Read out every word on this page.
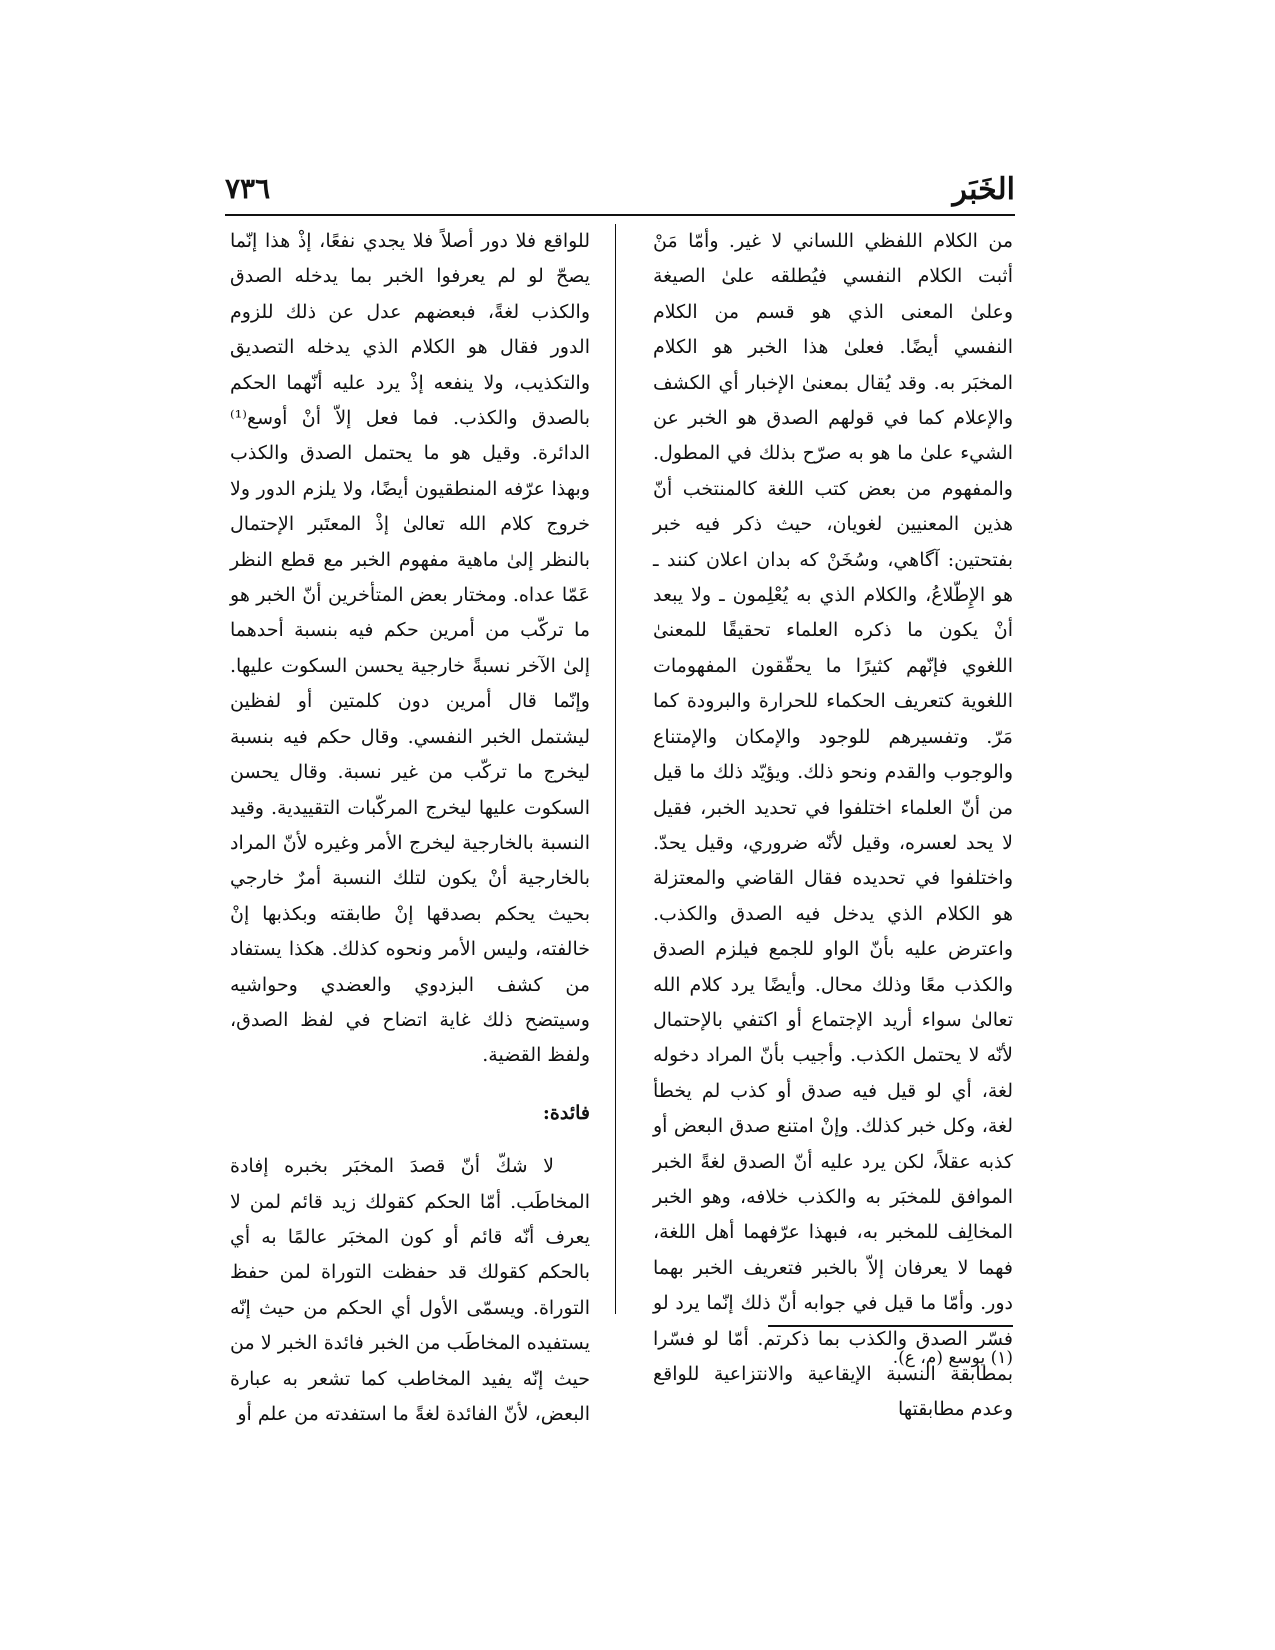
الخَبَر
٧٣٦

من الكلام اللفظي اللساني لا غير. وأمّا مَنْ أثبت الكلام النفسي فيُطلقه علىٰ الصيغة وعلىٰ المعنى الذي هو قسم من الكلام النفسي أيضًا. فعلىٰ هذا الخبر هو الكلام المخبَر به. وقد يُقال بمعنىٰ الإخبار أي الكشف والإعلام كما في قولهم الصدق هو الخبر عن الشيء علىٰ ما هو به صرّح بذلك في المطول. والمفهوم من بعض كتب اللغة كالمنتخب أنّ هذين المعنيين لغويان، حيث ذكر فيه خبر بفتحتين: آگاهي، وسُخَنْ كه بدان اعلان كنند ـ هو الإِطّلاعُ، والكلام الذي به يُعْلِمون ـ ولا يبعد أنْ يكون ما ذكره العلماء تحقيقًا للمعنىٰ اللغوي فإنّهم كثيرًا ما يحقّقون المفهومات اللغوية كتعريف الحكماء للحرارة والبرودة كما مَرّ. وتفسيرهم للوجود والإمكان والإمتناع والوجوب والقدم ونحو ذلك. ويؤيّد ذلك ما قيل من أنّ العلماء اختلفوا في تحديد الخبر، فقيل لا يحد لعسره، وقيل لأنّه ضروري، وقيل يحدّ. واختلفوا في تحديده فقال القاضي والمعتزلة هو الكلام الذي يدخل فيه الصدق والكذب. واعترض عليه بأنّ الواو للجمع فيلزم الصدق والكذب معًا وذلك محال. وأيضًا يرد كلام الله تعالىٰ سواء أريد الإجتماع أو اكتفي بالإحتمال لأنّه لا يحتمل الكذب. وأجيب بأنّ المراد دخوله لغة، أي لو قيل فيه صدق أو كذب لم يخطأ لغة، وكل خبر كذلك. وإنْ امتنع صدق البعض أو كذبه عقلاً، لكن يرد عليه أنّ الصدق لغةً الخبر الموافق للمخبَر به والكذب خلافه، وهو الخبر المخالِف للمخبر به، فبهذا عرّفهما أهل اللغة، فهما لا يعرفان إلاّ بالخبر فتعريف الخبر بهما دور. وأمّا ما قيل في جوابه أنّ ذلك إنّما يرد لو فسّر الصدق والكذب بما ذكرتم. أمّا لو فسّرا بمطابقة النسبة الإيقاعية والانتزاعية للواقع وعدم مطابقتها

للواقع فلا دور أصلاً فلا يجدي نفعًا، إذْ هذا إنّما يصحّ لو لم يعرفوا الخبر بما يدخله الصدق والكذب لغةً، فبعضهم عدل عن ذلك للزوم الدور فقال هو الكلام الذي يدخله التصديق والتكذيب، ولا ينفعه إذْ يرد عليه أنّهما الحكم بالصدق والكذب. فما فعل إلاّ أنْ أوسع⁽¹⁾ الدائرة. وقيل هو ما يحتمل الصدق والكذب وبهذا عرّفه المنطقيون أيضًا، ولا يلزم الدور ولا خروج كلام الله تعالىٰ إذْ المعتَبر الإحتمال بالنظر إلىٰ ماهية مفهوم الخبر مع قطع النظر عَمّا عداه. ومختار بعض المتأخرين أنّ الخبر هو ما تركّب من أمرين حكم فيه بنسبة أحدهما إلىٰ الآخر نسبةً خارجية يحسن السكوت عليها. وإنّما قال أمرين دون كلمتين أو لفظين ليشتمل الخبر النفسي. وقال حكم فيه بنسبة ليخرج ما تركّب من غير نسبة. وقال يحسن السكوت عليها ليخرج المركّبات التقييدية. وقيد النسبة بالخارجية ليخرج الأمر وغيره لأنّ المراد بالخارجية أنْ يكون لتلك النسبة أمرٌ خارجي بحيث يحكم بصدقها إنْ طابقته وبكذبها إنْ خالفته، وليس الأمر ونحوه كذلك. هكذا يستفاد من كشف البزدوي والعضدي وحواشيه وسيتضح ذلك غاية اتضاح في لفظ الصدق، ولفظ القضية.

فائدة:

لا شكّ أنّ قصدَ المخبَر بخبره إفادة المخاطَب. أمّا الحكم كقولك زيد قائم لمن لا يعرف أنّه قائم أو كون المخبَر عالمًا به أي بالحكم كقولك قد حفظت التوراة لمن حفظ التوراة. ويسمّى الأول أي الحكم من حيث إنّه يستفيده المخاطَب من الخبر فائدة الخبر لا من حيث إنّه يفيد المخاطب كما تشعر به عبارة البعض، لأنّ الفائدة لغةً ما استفدته من علم أو

(١) يوسع (م، ع).
